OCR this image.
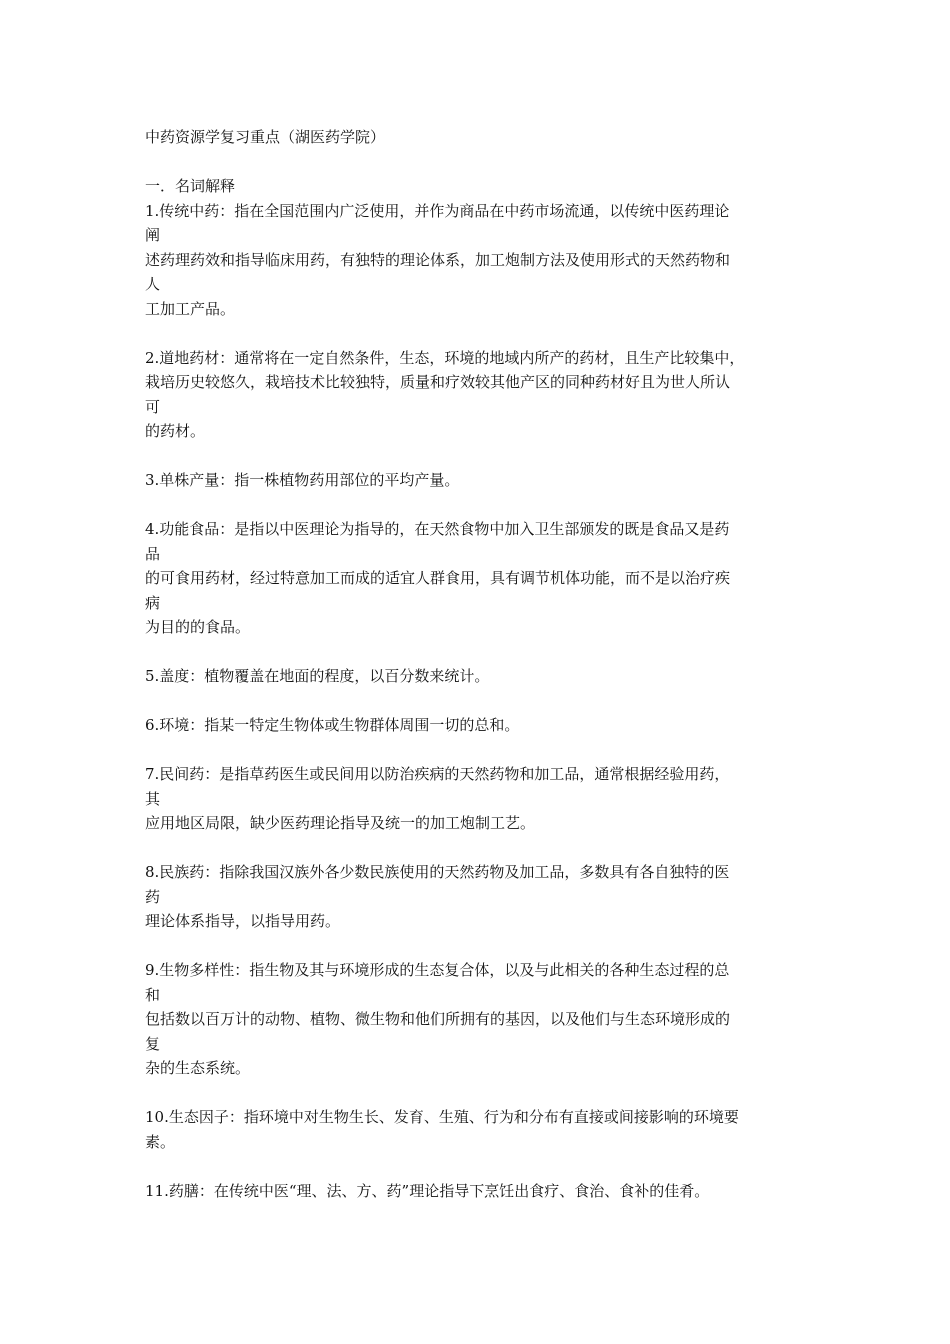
中药资源学复习重点（湖医药学院）
一．名词解释
1.传统中药：指在全国范围内广泛使用，并作为商品在中药市场流通，以传统中医药理论
阐
述药理药效和指导临床用药，有独特的理论体系，加工炮制方法及使用形式的天然药物和
人
工加工产品。
2.道地药材：通常将在一定自然条件，生态，环境的地域内所产的药材，且生产比较集中，
栽培历史较悠久，栽培技术比较独特，质量和疗效较其他产区的同种药材好且为世人所认
可
的药材。
3.单株产量：指一株植物药用部位的平均产量。
4.功能食品：是指以中医理论为指导的，在天然食物中加入卫生部颁发的既是食品又是药
品
的可食用药材，经过特意加工而成的适宜人群食用，具有调节机体功能，而不是以治疗疾
病
为目的的食品。
5.盖度：植物覆盖在地面的程度，以百分数来统计。
6.环境：指某一特定生物体或生物群体周围一切的总和。
7.民间药：是指草药医生或民间用以防治疾病的天然药物和加工品，通常根据经验用药，
其
应用地区局限，缺少医药理论指导及统一的加工炮制工艺。
8.民族药：指除我国汉族外各少数民族使用的天然药物及加工品，多数具有各自独特的医
药
理论体系指导，以指导用药。
9.生物多样性：指生物及其与环境形成的生态复合体，以及与此相关的各种生态过程的总
和
包括数以百万计的动物、植物、微生物和他们所拥有的基因，以及他们与生态环境形成的
复
杂的生态系统。
10.生态因子：指环境中对生物生长、发育、生殖、行为和分布有直接或间接影响的环境要
素。
11.药膳：在传统中医“理、法、方、药”理论指导下烹饪出食疗、食治、食补的佳肴。
